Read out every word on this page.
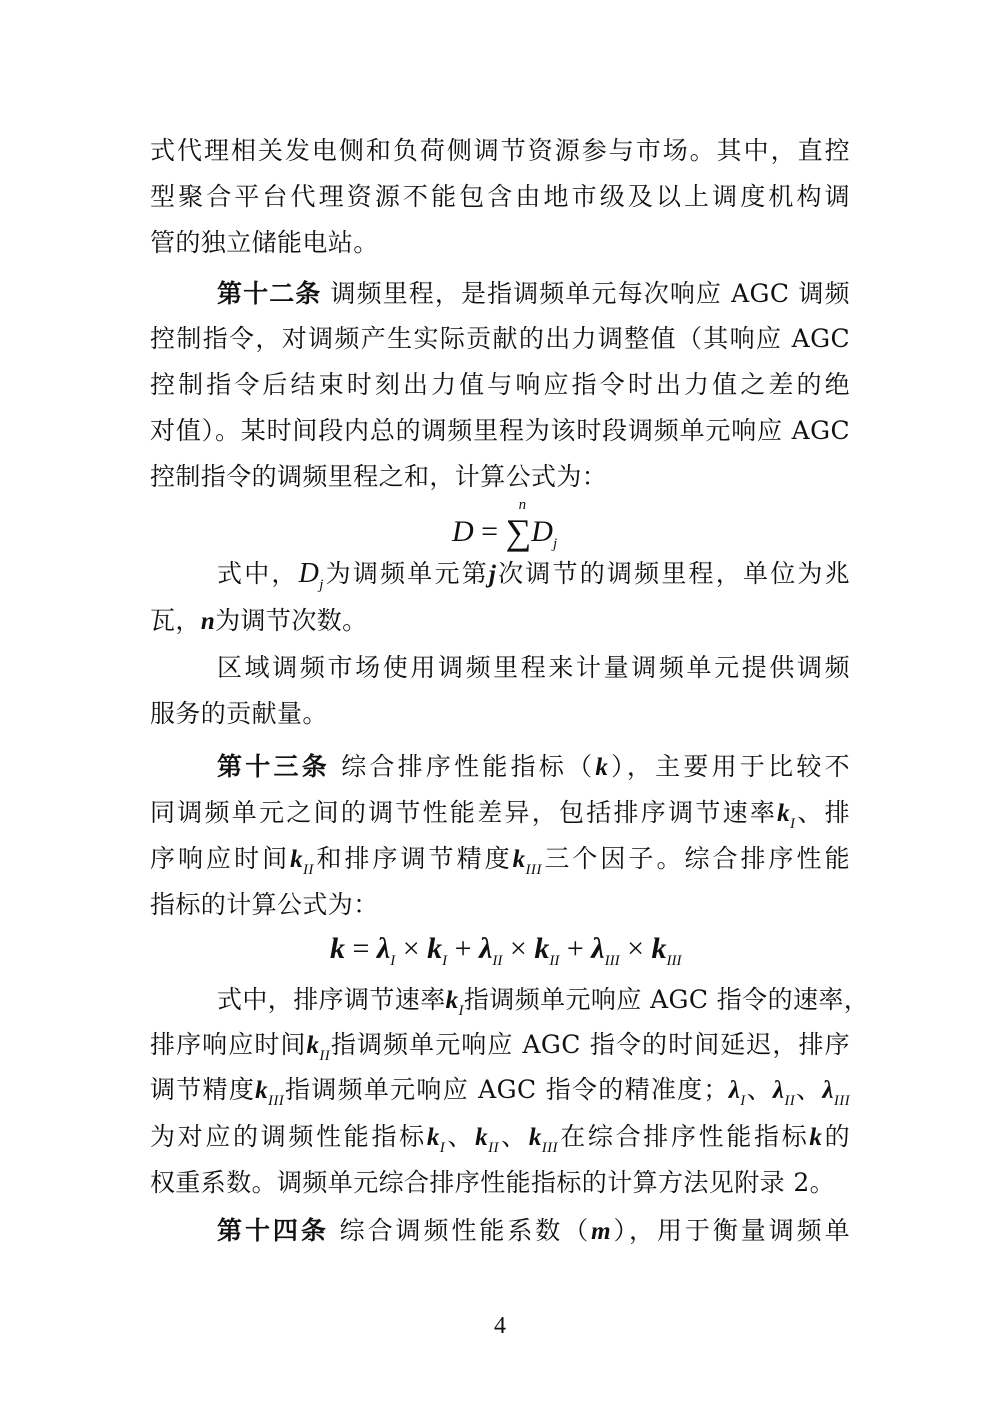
式代理相关发电侧和负荷侧调节资源参与市场。其中，直控
型聚合平台代理资源不能包含由地市级及以上调度机构调
管的独立储能电站。
第十二条 调频里程，是指调频单元每次响应 AGC 调频
控制指令，对调频产生实际贡献的出力调整值（其响应 AGC
控制指令后结束时刻出力值与响应指令时出力值之差的绝
对值）。某时间段内总的调频里程为该时段调频单元响应 AGC
控制指令的调频里程之和，计算公式为：
D = ∑
n
$D_j$
式中，$D_j$为调频单元第j次调节的调频里程，单位为兆
瓦，n为调节次数。
区域调频市场使用调频里程来计量调频单元提供调频
服务的贡献量。
第十三条 综合排序性能指标（k），主要用于比较不
同调频单元之间的调节性能差异，包括排序调节速率$k_I$、排
序响应时间$k_{II}$和排序调节精度$k_{III}$三个因子。综合排序性能
指标的计算公式为：
$k = \lambda_I \times k_I + \lambda_{II} \times k_{II} + \lambda_{III} \times k_{III}$
式中，排序调节速率$k_I$指调频单元响应 AGC 指令的速率，
排序响应时间$k_{II}$指调频单元响应 AGC 指令的时间延迟，排序
调节精度$k_{III}$指调频单元响应 AGC 指令的精准度；$\lambda_I$、$\lambda_{II}$、$\lambda_{III}$
为对应的调频性能指标$k_I$、$k_{II}$、$k_{III}$在综合排序性能指标k的
权重系数。调频单元综合排序性能指标的计算方法见附录 2。
第十四条 综合调频性能系数（m），用于衡量调频单
4
